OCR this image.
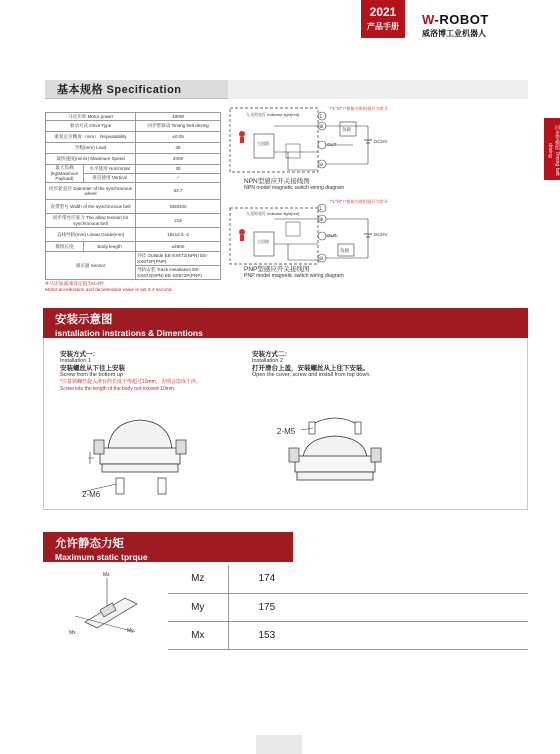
2021
产品手册	W-ROBOT
威洛博工业机器人
同步带模组 Timing belt driving
基本规格 Specification
马达功率 Motor power		400W
驱动方式 Drive Type		同步带驱动 Timing belt driving
重复定位精度（mm） Repeatability		±0.05
导程(mm) Lead		45
最快速度(mm/s) Maximum Speed		2000
最大负载 (kg/Maximum Payload)	水平使用 Horizontal	30
	垂直使用 Vertical	/
同步轮直径 Diameter of the synchronous wheel		63.7
皮带型号 Width of the synchronous belt		S5M100
同步带允许张力 The allow tension for synchronous belt		215
直线导轨(mm) Linear Guide(mm)		15x12.5 -2
模组长度	Body length	≤4500
感应器 Sensor		外挂 Outside EE-SX672(NPN) EE-SX672P(PNP)
		导轨安装 Track installation EE-SX672(NPN) EE-SX672P(PNP)
※马达加减速设定值为0.4秒
Motor acceleration and deceleration value is set 0.4 second.
入光时亮灯 Indicator light(red)
主回路
L
⊕
OUT
⊖
*“L”和“+”相接为常机器开为常开
负载
DC24V
入光时亮灯 Indicator light(red)
主回路
L
⊕
OUT
⊖
*“L”和“+”相接为常机器开为常开
负载
DC24V
NPN型感应开关接线图
NPN model magnetic switch wiring diagram
PNP型感应开关接线图
PNP model magnetic switch wiring diagram
安装示意图
isntallation instrations & Dimentions
安装方式一：
Installation 1
安装螺丝从下往上安装
Screw from the bottom up
*注意锁螺丝旋入滑台的长度不得超过10mm，否则会造成干涉。
Screw into the length of the body not exceed 10mm.
安装方式二：
Installation 2
打开滑台上盖，安装螺丝从上往下安装。
Open the cover, screw and install from top down.
2-M6
2-M5
允许静态力矩
Maximum static tprque
Mz
Mx	My
Mz	174
My	175
Mx	153
